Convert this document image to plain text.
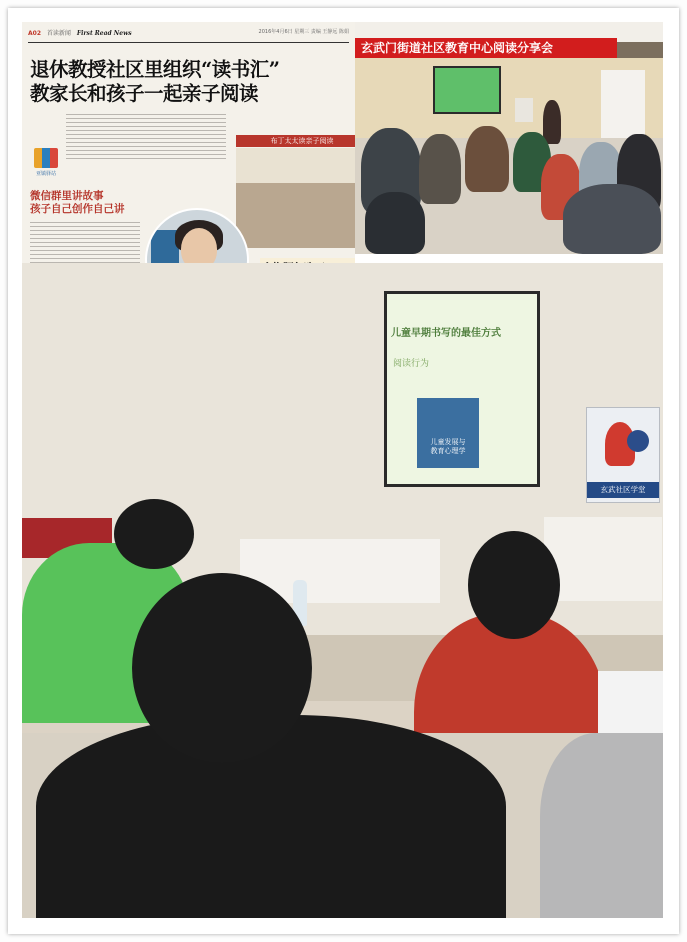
A02 首读新闻 First Read News	2016年4月6日 星期三 责编 王静远 陈娟
退休教授社区里组织“读书汇”
教家长和孩子一起亲子阅读
亚镇驿站
布丁太太读亲子阅读
微信群里讲故事
孩子自己创作自己讲
玄武门街道社区教育中心阅读分享会
儿童早期书写的最佳方式
阅读行为
儿童发展与
教育心理学
玄武社区学堂
